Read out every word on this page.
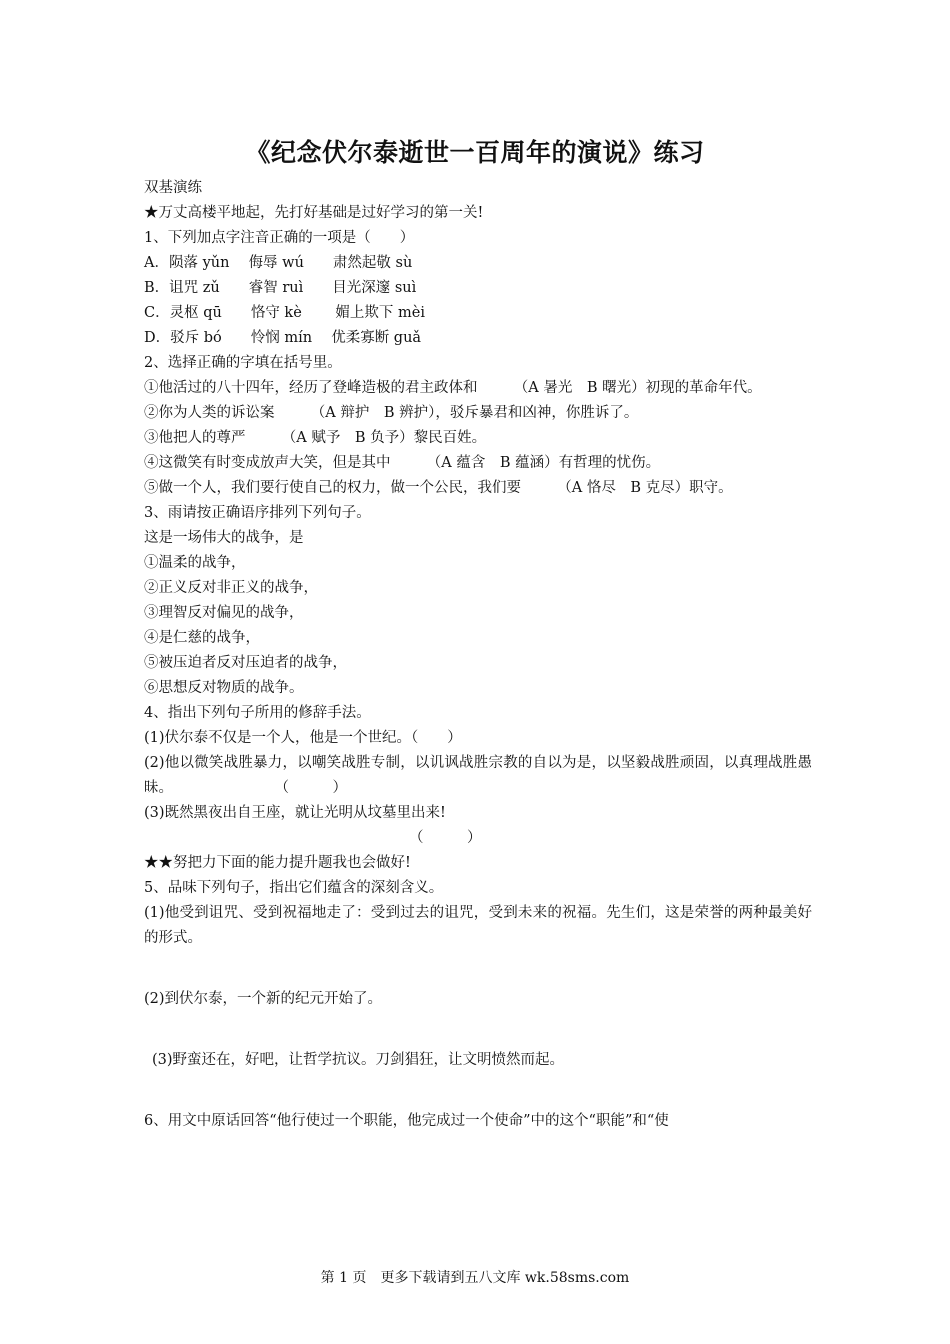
《纪念伏尔泰逝世一百周年的演说》练习

双基演练

★万丈高楼平地起，先打好基础是过好学习的第一关!

1、下列加点字注音正确的一项是（　　）

A．陨落 yǔn　 侮辱 wú　　肃然起敬 sù

B．诅咒 zǔ　　睿智 ruì　　目光深邃 suì

C．灵枢 qū　　恪守 kè　　 媚上欺下 mèi

D．驳斥 bó　　怜悯 mín　 优柔寡断 guǎ

2、选择正确的字填在括号里。

①他活过的八十四年，经历了登峰造极的君主政体和　　　（A 暑光　B 曙光）初现的革命年代。

②你为人类的诉讼案　　　（A 辩护　B 辨护），驳斥暴君和凶神，你胜诉了。

③他把人的尊严　　　（A 赋予　B 负予）黎民百姓。

④这微笑有时变成放声大笑，但是其中　　　（A 蕴含　B 蕴涵）有哲理的忧伤。

⑤做一个人，我们要行使自己的权力，做一个公民，我们要　　　（A 恪尽　B 克尽）职守。

3、雨请按正确语序排列下列句子。

这是一场伟大的战争，是

①温柔的战争，

②正义反对非正义的战争，

③理智反对偏见的战争，

④是仁慈的战争，

⑤被压迫者反对压迫者的战争，

⑥思想反对物质的战争。

4、指出下列句子所用的修辞手法。

(1)伏尔泰不仅是一个人，他是一个世纪。（　　）

(2)他以微笑战胜暴力，以嘲笑战胜专制，以讥讽战胜宗教的自以为是，以坚毅战胜顽固，以真理战胜愚昧。　　　　　　　　（　　　）

(3)既然黑夜出自王座，就让光明从坟墓里出来!

（　　　）

★★努把力下面的能力提升题我也会做好!

5、品味下列句子，指出它们蕴含的深刻含义。

(1)他受到诅咒、受到祝福地走了：受到过去的诅咒，受到未来的祝福。先生们，这是荣誉的两种最美好的形式。

(2)到伏尔泰，一个新的纪元开始了。

(3)野蛮还在，好吧，让哲学抗议。刀剑猖狂，让文明愤然而起。

6、用文中原话回答“他行使过一个职能，他完成过一个使命”中的这个“职能”和“使

第 1 页　更多下载请到五八文库 wk.58sms.com
